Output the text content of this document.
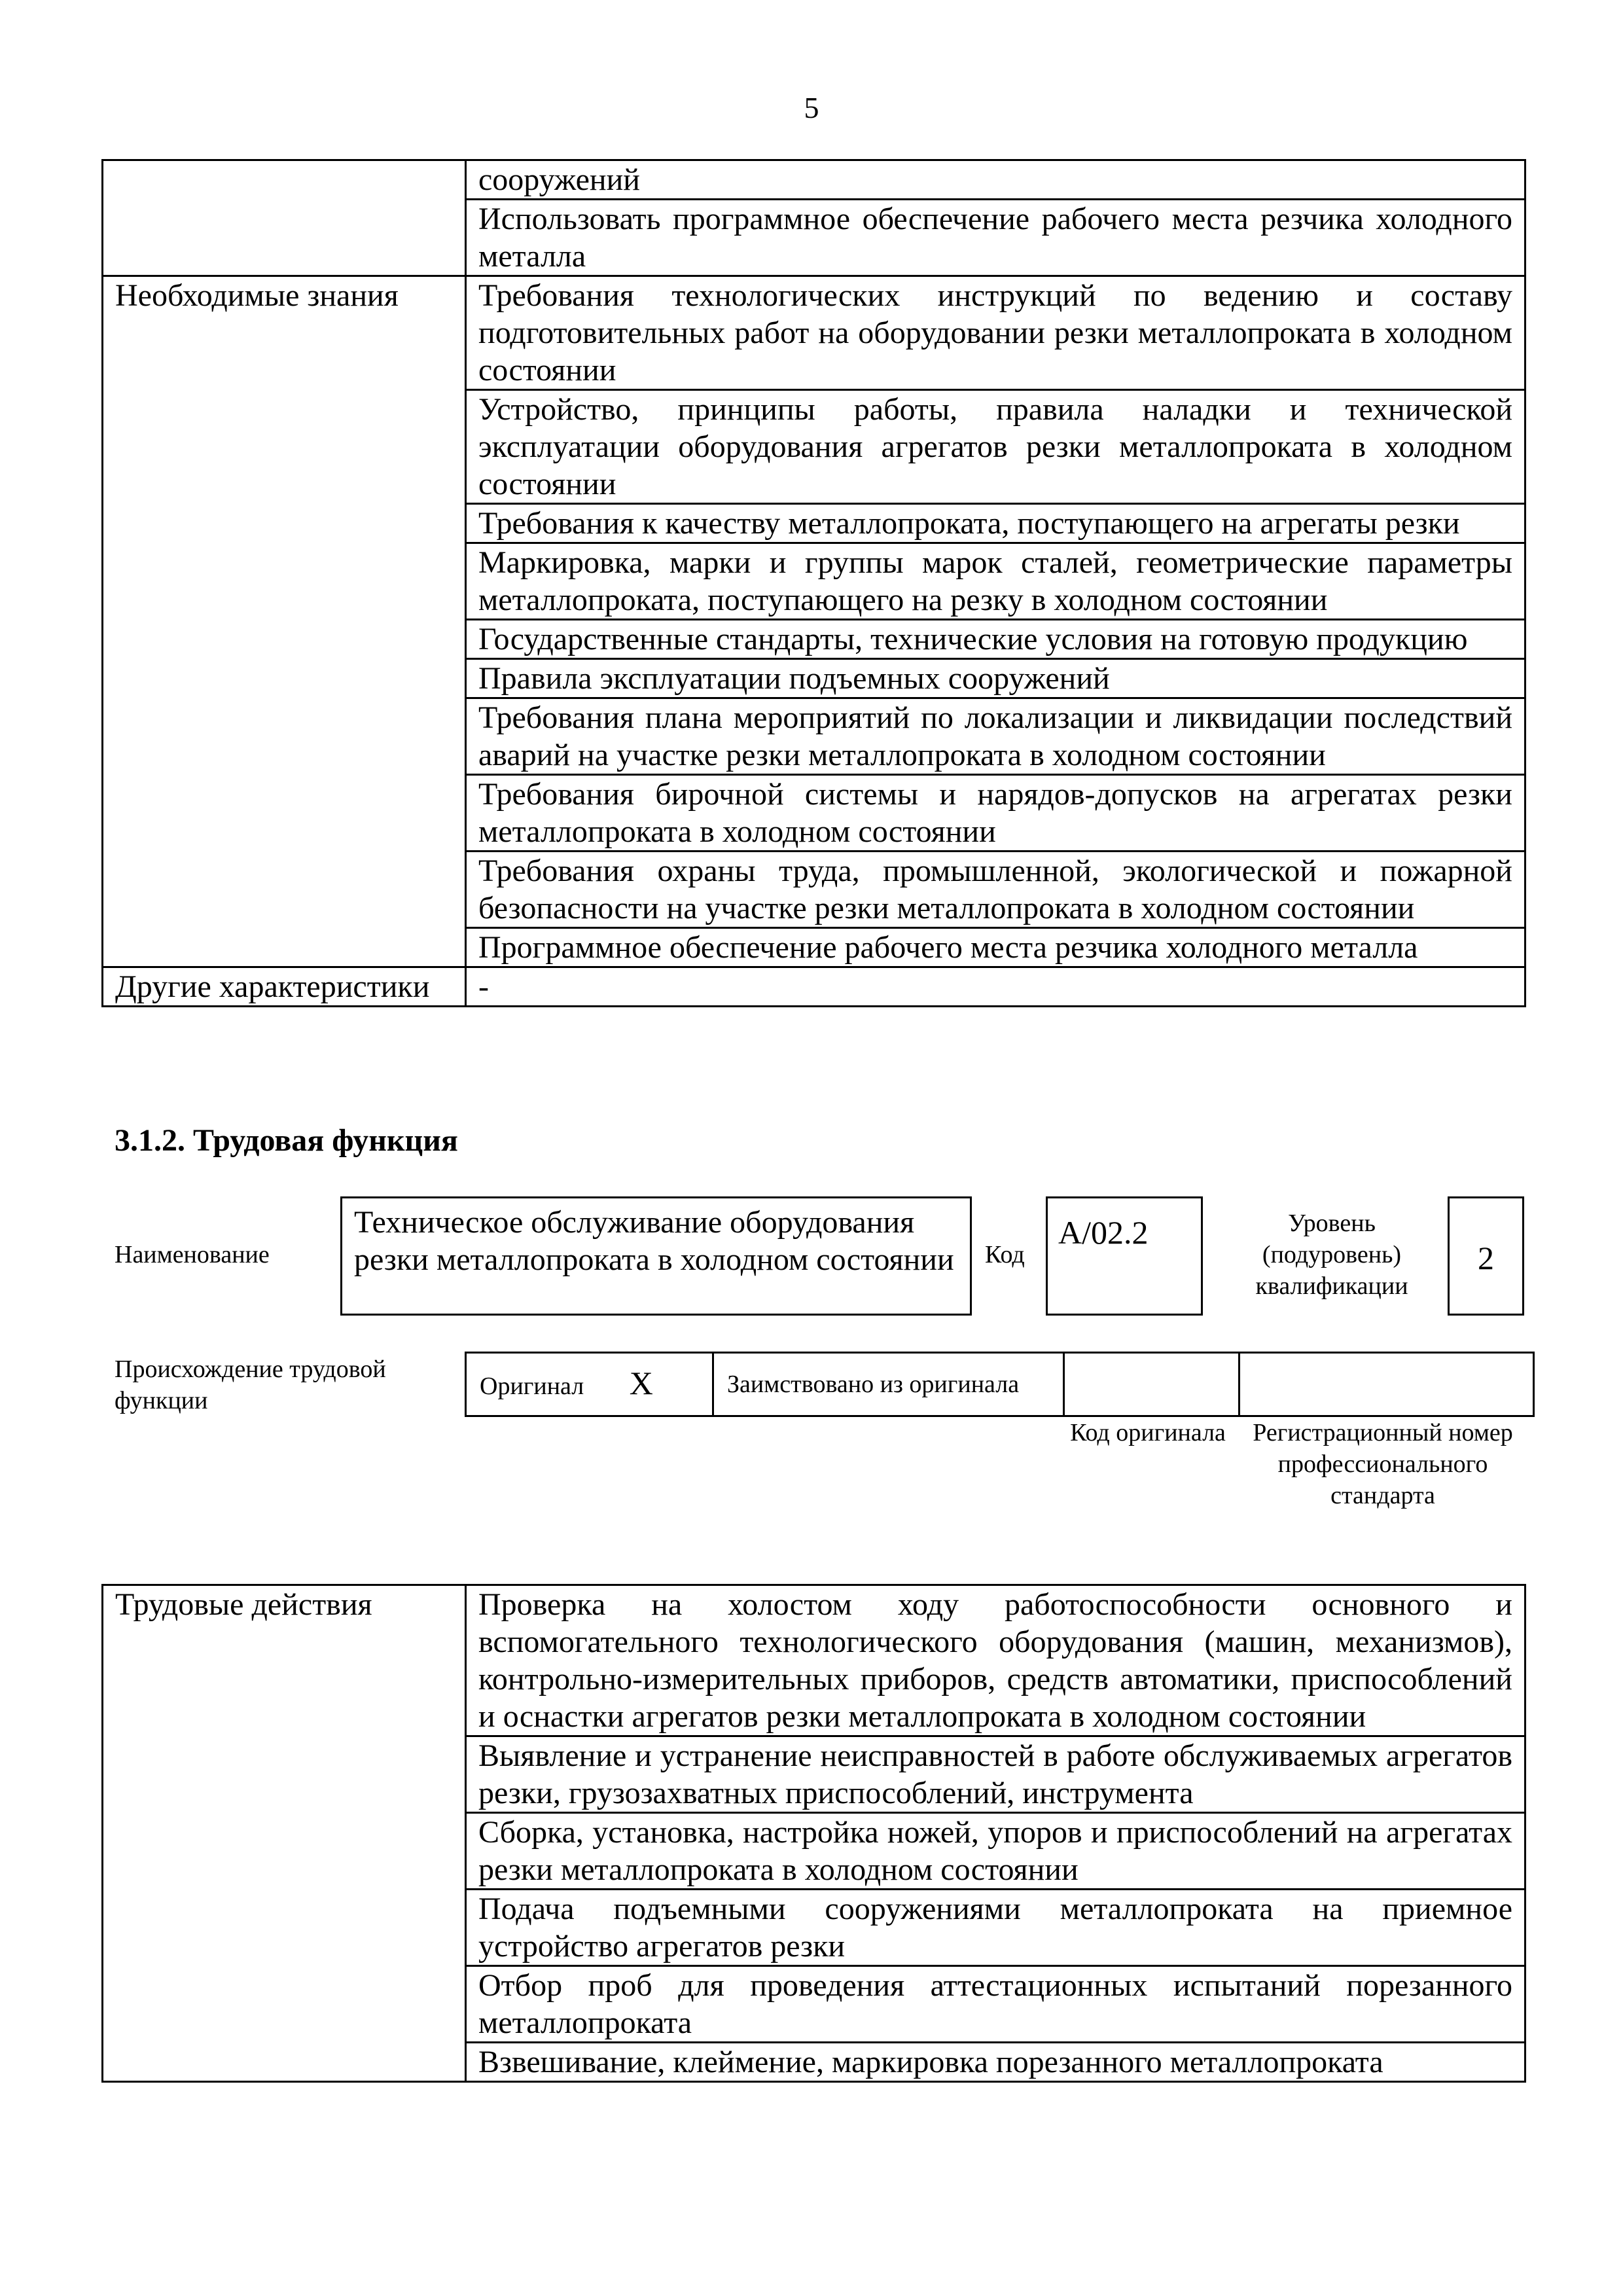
5
	сооружений
	Использовать программное обеспечение рабочего места резчика холодного металла
Необходимые знания	Требования технологических инструкций по ведению и составу подготовительных работ на оборудовании резки металлопроката в холодном состоянии
	Устройство, принципы работы, правила наладки и технической эксплуатации оборудования агрегатов резки металлопроката в холодном состоянии
	Требования к качеству металлопроката, поступающего на агрегаты резки
	Маркировка, марки и группы марок сталей, геометрические параметры металлопроката, поступающего на резку в холодном состоянии
	Государственные стандарты, технические условия на готовую продукцию
	Правила эксплуатации подъемных сооружений
	Требования плана мероприятий по локализации и ликвидации последствий аварий на участке резки металлопроката в холодном состоянии
	Требования бирочной системы и нарядов-допусков на агрегатах резки металлопроката в холодном состоянии
	Требования охраны труда, промышленной, экологической и пожарной безопасности на участке резки металлопроката в холодном состоянии
	Программное обеспечение рабочего места резчика холодного металла
Другие характеристики	-
3.1.2. Трудовая функция
Наименование
Техническое обслуживание оборудования резки металлопроката в холодном состоянии	Код
А/02.2	Уровень (подуровень) квалификации
2
Происхождение трудовой функции
Оригинал X	Заимствовано из оригинала		
Код оригинала	Регистрационный номер профессионального стандарта
Трудовые действия	Проверка на холостом ходу работоспособности основного и вспомогательного технологического оборудования (машин, механизмов), контрольно-измерительных приборов, средств автоматики, приспособлений и оснастки агрегатов резки металлопроката в холодном состоянии
Выявление и устранение неисправностей в работе обслуживаемых агрегатов резки, грузозахватных приспособлений, инструмента
Сборка, установка, настройка ножей, упоров и приспособлений на агрегатах резки металлопроката в холодном состоянии
Подача подъемными сооружениями металлопроката на приемное устройство агрегатов резки
Отбор проб для проведения аттестационных испытаний порезанного металлопроката
Взвешивание, клеймение, маркировка порезанного металлопроката
